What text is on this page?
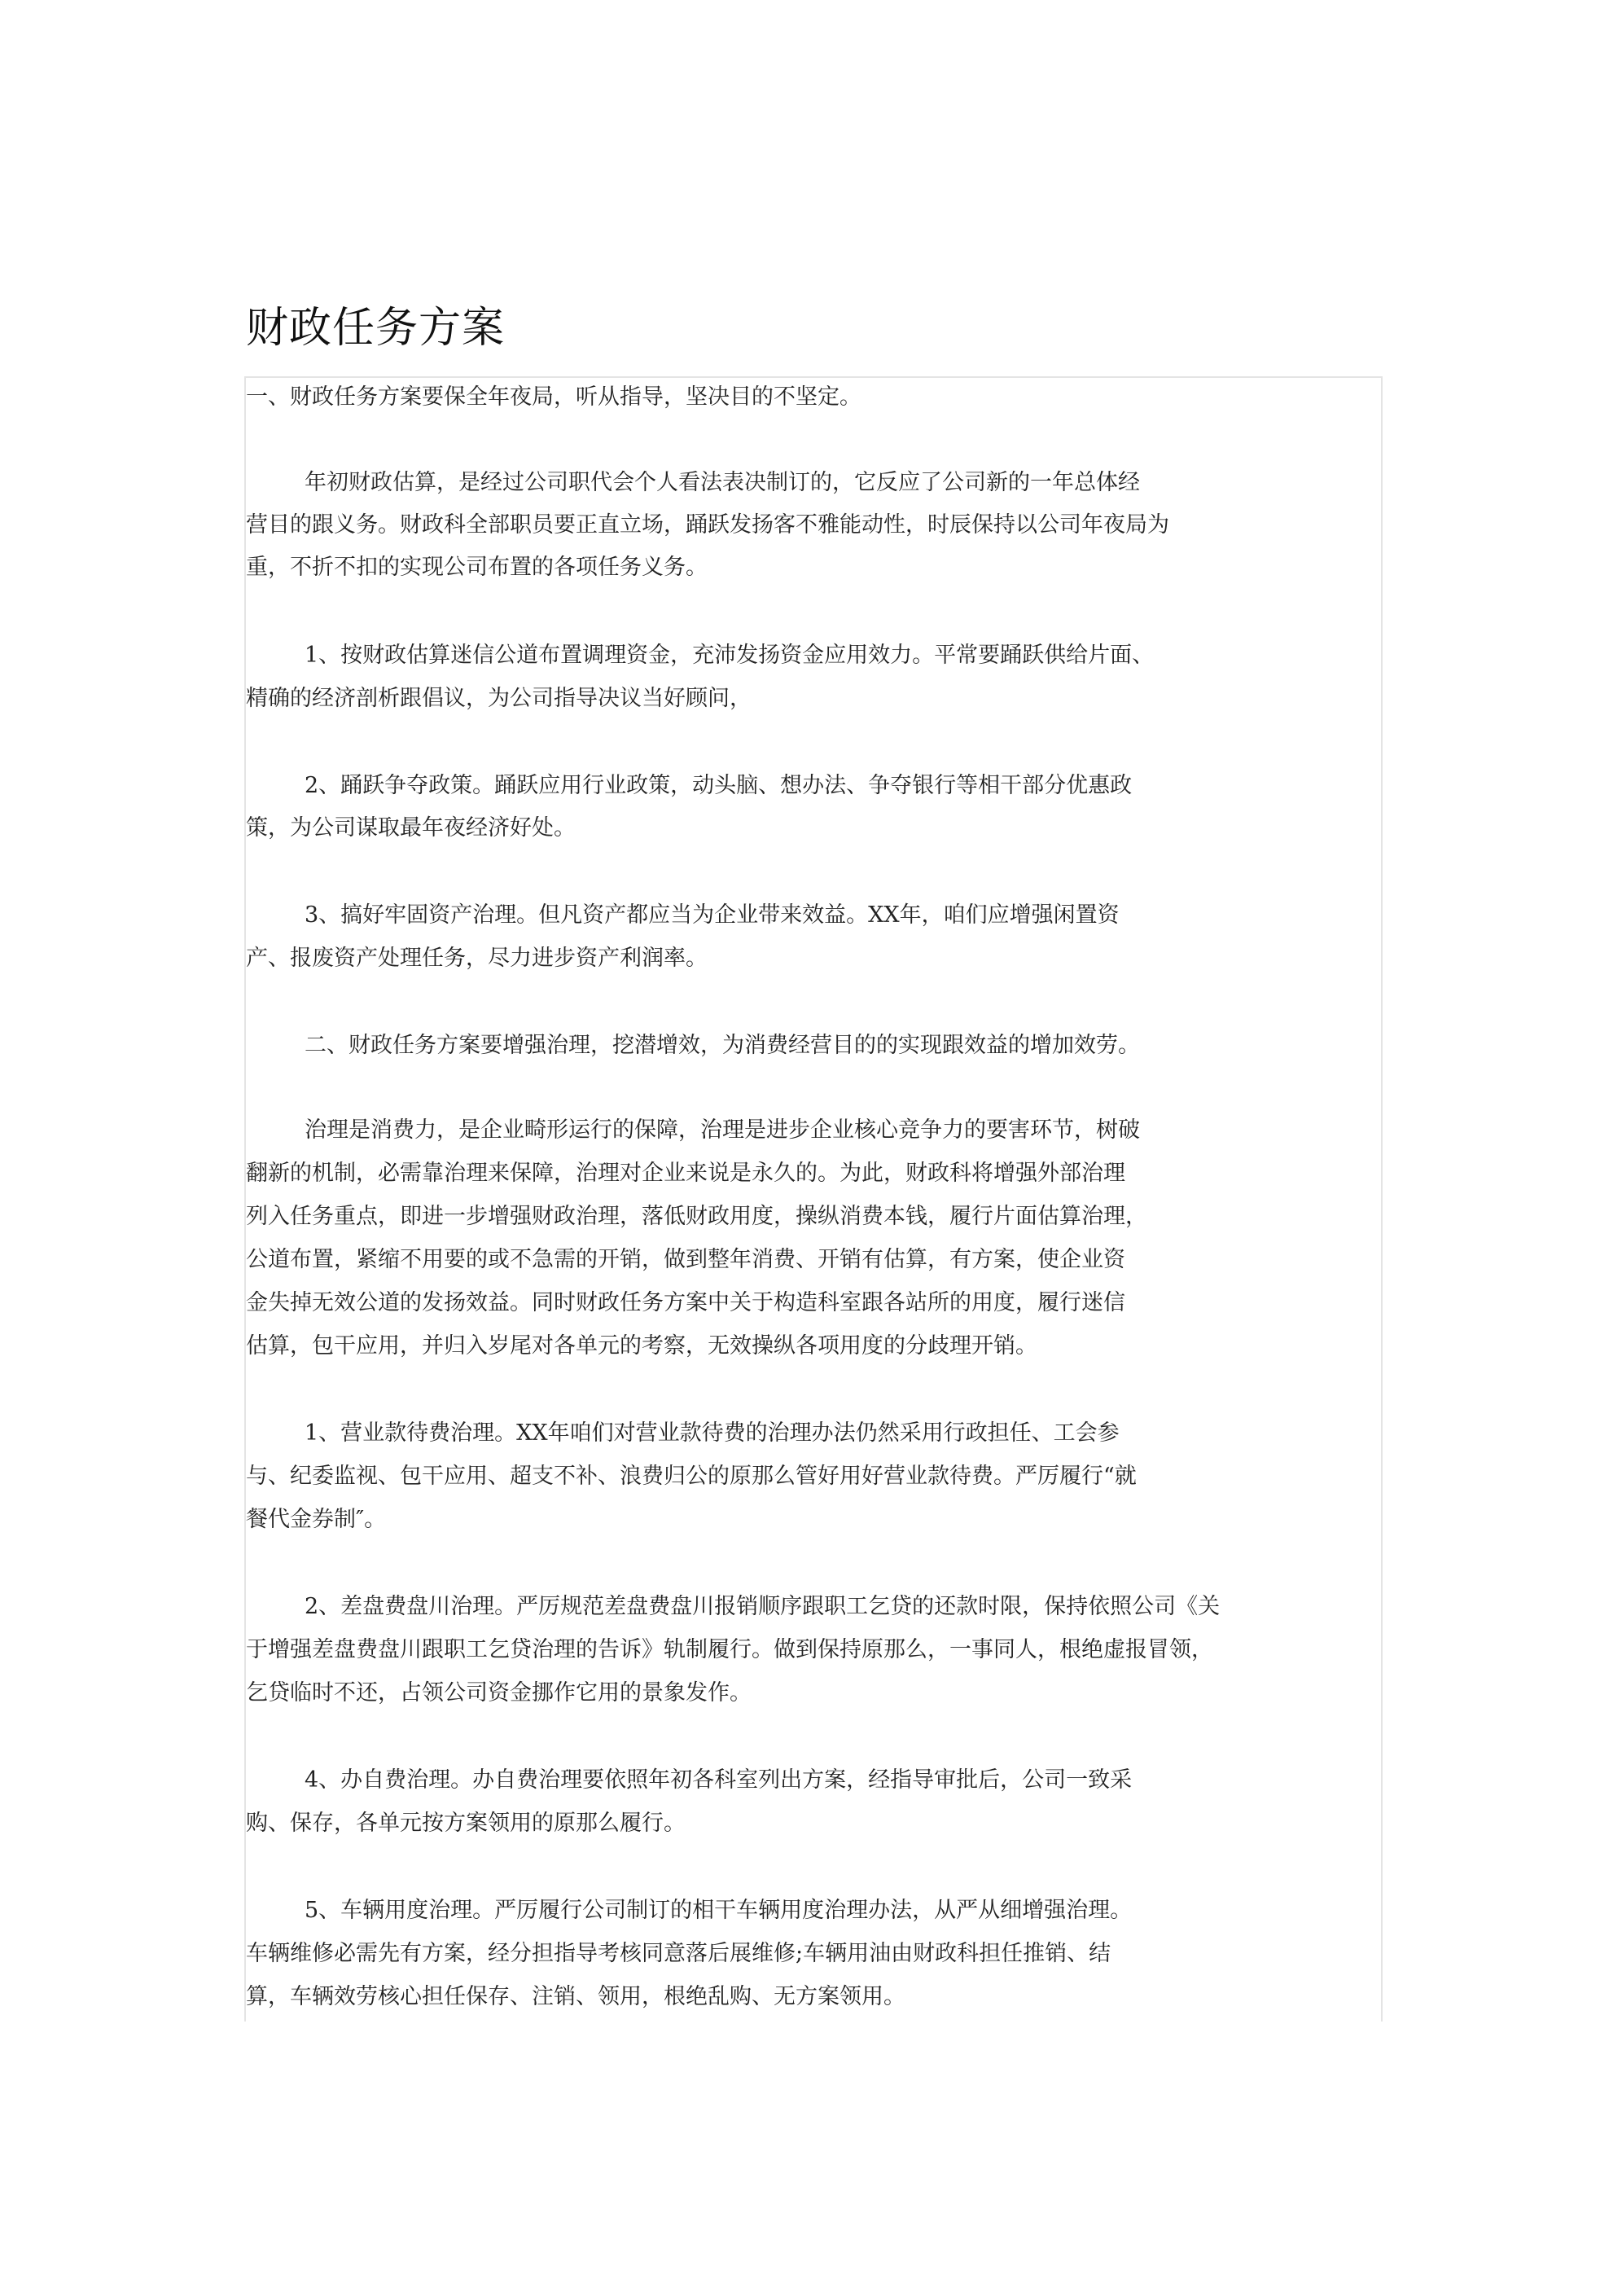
财政任务方案

一、财政任务方案要保全年夜局，听从指导，坚决目的不坚定。

年初财政估算，是经过公司职代会个人看法表决制订的，它反应了公司新的一年总体经

营目的跟义务。财政科全部职员要正直立场，踊跃发扬客不雅能动性，时辰保持以公司年夜局为

重，不折不扣的实现公司布置的各项任务义务。

1、按财政估算迷信公道布置调理资金，充沛发扬资金应用效力。平常要踊跃供给片面、

精确的经济剖析跟倡议，为公司指导决议当好顾问，

2、踊跃争夺政策。踊跃应用行业政策，动头脑、想办法、争夺银行等相干部分优惠政

策，为公司谋取最年夜经济好处。

3、搞好牢固资产治理。但凡资产都应当为企业带来效益。XX年，咱们应增强闲置资

产、报废资产处理任务，尽力进步资产利润率。

二、财政任务方案要增强治理，挖潜增效，为消费经营目的的实现跟效益的增加效劳。

治理是消费力，是企业畸形运行的保障，治理是进步企业核心竞争力的要害环节，树破

翻新的机制，必需靠治理来保障，治理对企业来说是永久的。为此，财政科将增强外部治理

列入任务重点，即进一步增强财政治理，落低财政用度，操纵消费本钱，履行片面估算治理，

公道布置，紧缩不用要的或不急需的开销，做到整年消费、开销有估算，有方案，使企业资

金失掉无效公道的发扬效益。同时财政任务方案中关于构造科室跟各站所的用度，履行迷信

估算，包干应用，并归入岁尾对各单元的考察，无效操纵各项用度的分歧理开销。

1、营业款待费治理。XX年咱们对营业款待费的治理办法仍然采用行政担任、工会参

与、纪委监视、包干应用、超支不补、浪费归公的原那么管好用好营业款待费。严厉履行“就

餐代金券制″。

2、差盘费盘川治理。严厉规范差盘费盘川报销顺序跟职工乞贷的还款时限，保持依照公司《关

于增强差盘费盘川跟职工乞贷治理的告诉》轨制履行。做到保持原那么，一事同人，根绝虚报冒领，

乞贷临时不还，占领公司资金挪作它用的景象发作。

4、办自费治理。办自费治理要依照年初各科室列出方案，经指导审批后，公司一致采

购、保存，各单元按方案领用的原那么履行。

5、车辆用度治理。严厉履行公司制订的相干车辆用度治理办法，从严从细增强治理。

车辆维修必需先有方案，经分担指导考核同意落后展维修;车辆用油由财政科担任推销、结

算，车辆效劳核心担任保存、注销、领用，根绝乱购、无方案领用。
